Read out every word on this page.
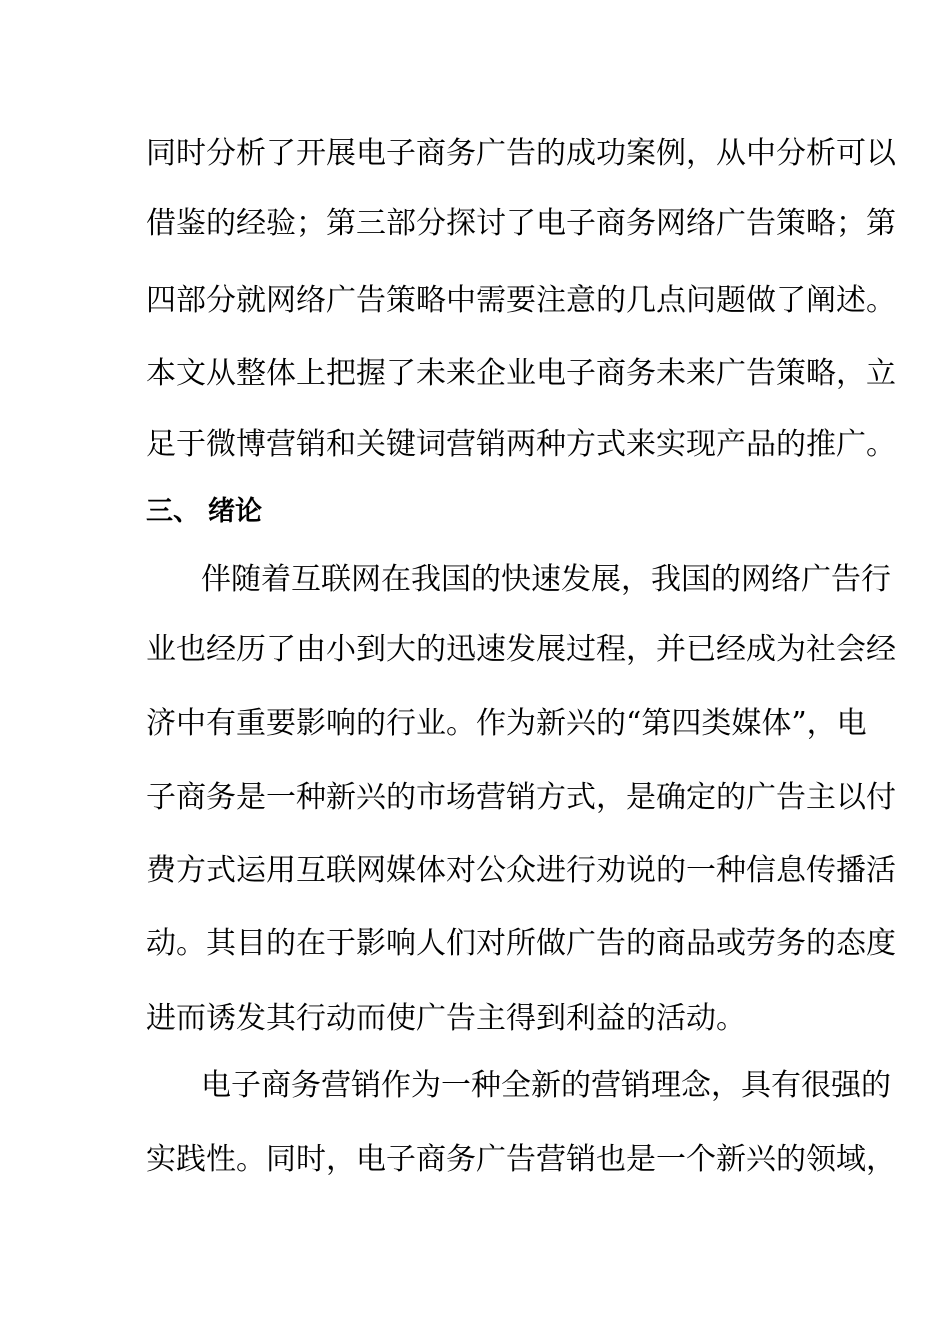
同时分析了开展电子商务广告的成功案例，从中分析可以
借鉴的经验；第三部分探讨了电子商务网络广告策略；第
四部分就网络广告策略中需要注意的几点问题做了阐述。
本文从整体上把握了未来企业电子商务未来广告策略，立
足于微博营销和关键词营销两种方式来实现产品的推广。
三、 绪论
伴随着互联网在我国的快速发展，我国的网络广告行
业也经历了由小到大的迅速发展过程，并已经成为社会经
济中有重要影响的行业。作为新兴的“第四类媒体”，电
子商务是一种新兴的市场营销方式，是确定的广告主以付
费方式运用互联网媒体对公众进行劝说的一种信息传播活
动。其目的在于影响人们对所做广告的商品或劳务的态度
进而诱发其行动而使广告主得到利益的活动。
电子商务营销作为一种全新的营销理念，具有很强的
实践性。同时，电子商务广告营销也是一个新兴的领域，
